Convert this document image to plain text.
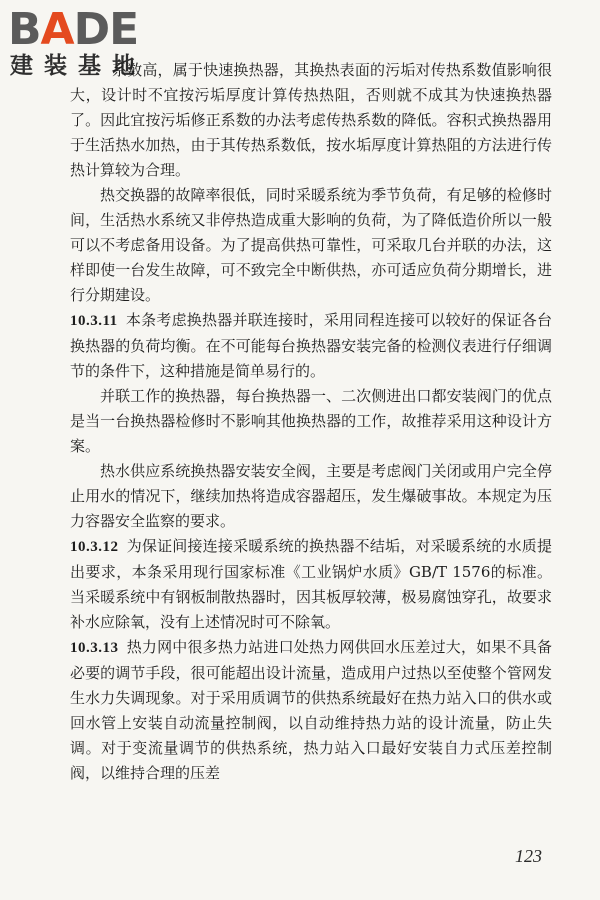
BADE
建装基地

系数高，属于快速换热器，其换热表面的污垢对传热系数值影响很大，设计时不宜按污垢厚度计算传热热阻，否则就不成其为快速换热器了。因此宜按污垢修正系数的办法考虑传热系数的降低。容积式换热器用于生活热水加热，由于其传热系数低，按水垢厚度计算热阻的方法进行传热计算较为合理。

热交换器的故障率很低，同时采暖系统为季节负荷，有足够的检修时间，生活热水系统又非停热造成重大影响的负荷，为了降低造价所以一般可以不考虑备用设备。为了提高供热可靠性，可采取几台并联的办法，这样即使一台发生故障，可不致完全中断供热，亦可适应负荷分期增长，进行分期建设。

10.3.11 本条考虑换热器并联连接时，采用同程连接可以较好的保证各台换热器的负荷均衡。在不可能每台换热器安装完备的检测仪表进行仔细调节的条件下，这种措施是简单易行的。

并联工作的换热器，每台换热器一、二次侧进出口都安装阀门的优点是当一台换热器检修时不影响其他换热器的工作，故推荐采用这种设计方案。

热水供应系统换热器安装安全阀，主要是考虑阀门关闭或用户完全停止用水的情况下，继续加热将造成容器超压，发生爆破事故。本规定为压力容器安全监察的要求。

10.3.12 为保证间接连接采暖系统的换热器不结垢，对采暖系统的水质提出要求，本条采用现行国家标准《工业锅炉水质》GB/T 1576的标准。当采暖系统中有钢板制散热器时，因其板厚较薄，极易腐蚀穿孔，故要求补水应除氧，没有上述情况时可不除氧。

10.3.13 热力网中很多热力站进口处热力网供回水压差过大，如果不具备必要的调节手段，很可能超出设计流量，造成用户过热以至使整个管网发生水力失调现象。对于采用质调节的供热系统最好在热力站入口的供水或回水管上安装自动流量控制阀，以自动维持热力站的设计流量，防止失调。对于变流量调节的供热系统，热力站入口最好安装自力式压差控制阀，以维持合理的压差

123
